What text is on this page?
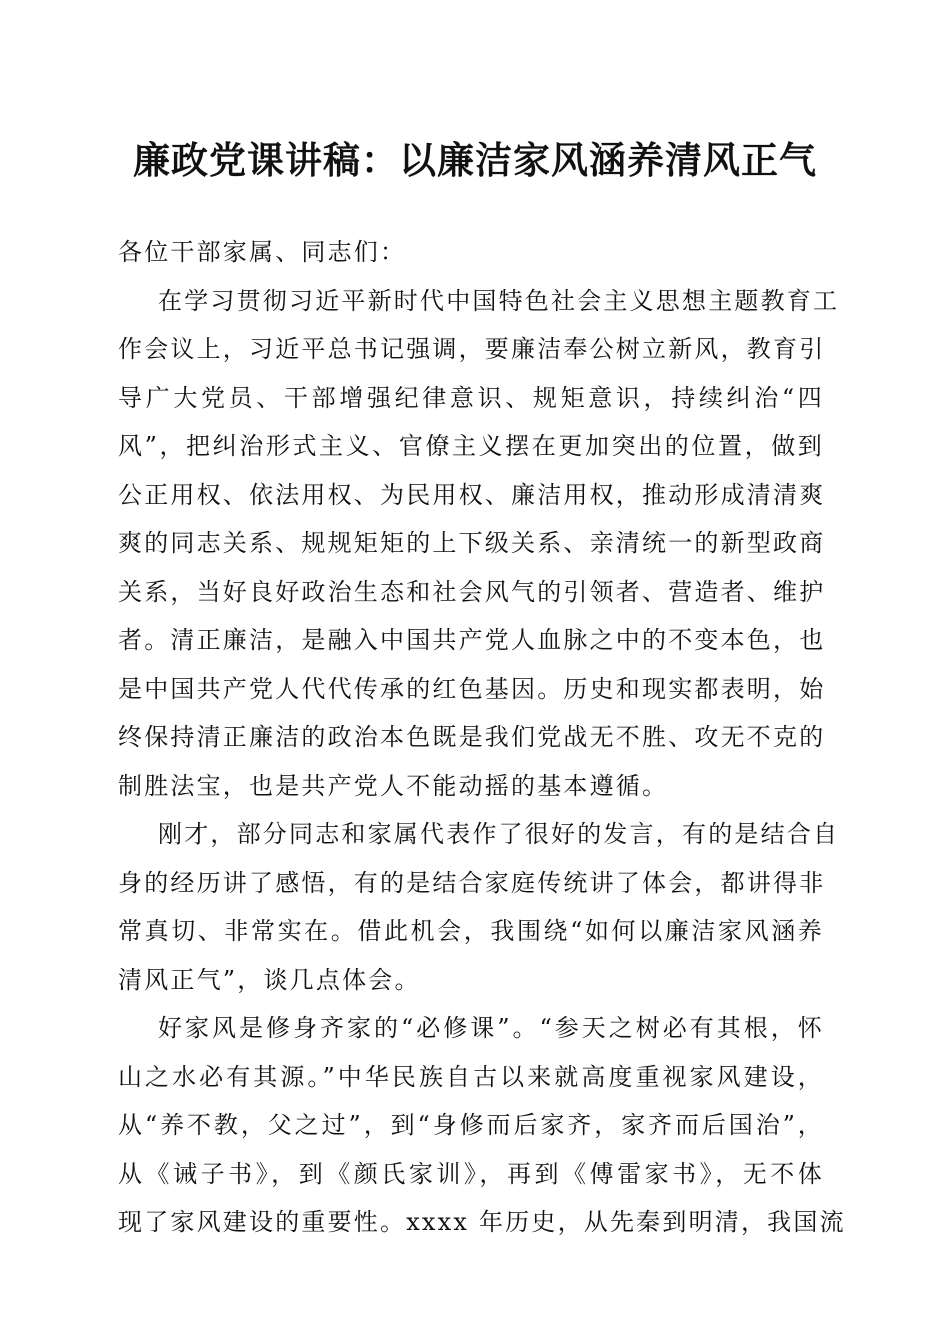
廉政党课讲稿：以廉洁家风涵养清风正气
各位干部家属、同志们：
在学习贯彻习近平新时代中国特色社会主义思想主题教育工
作会议上，习近平总书记强调，要廉洁奉公树立新风，教育引
导广大党员、干部增强纪律意识、规矩意识，持续纠治“四
风”，把纠治形式主义、官僚主义摆在更加突出的位置，做到
公正用权、依法用权、为民用权、廉洁用权，推动形成清清爽
爽的同志关系、规规矩矩的上下级关系、亲清统一的新型政商
关系，当好良好政治生态和社会风气的引领者、营造者、维护
者。清正廉洁，是融入中国共产党人血脉之中的不变本色，也
是中国共产党人代代传承的红色基因。历史和现实都表明，始
终保持清正廉洁的政治本色既是我们党战无不胜、攻无不克的
制胜法宝，也是共产党人不能动摇的基本遵循。
刚才，部分同志和家属代表作了很好的发言，有的是结合自
身的经历讲了感悟，有的是结合家庭传统讲了体会，都讲得非
常真切、非常实在。借此机会，我围绕“如何以廉洁家风涵养
清风正气”，谈几点体会。
好家风是修身齐家的“必修课”。“参天之树必有其根，怀
山之水必有其源。”中华民族自古以来就高度重视家风建设，
从“养不教，父之过”，到“身修而后家齐，家齐而后国治”，
从《诫子书》，到《颜氏家训》，再到《傅雷家书》，无不体
现了家风建设的重要性。xxxx 年历史，从先秦到明清，我国流
